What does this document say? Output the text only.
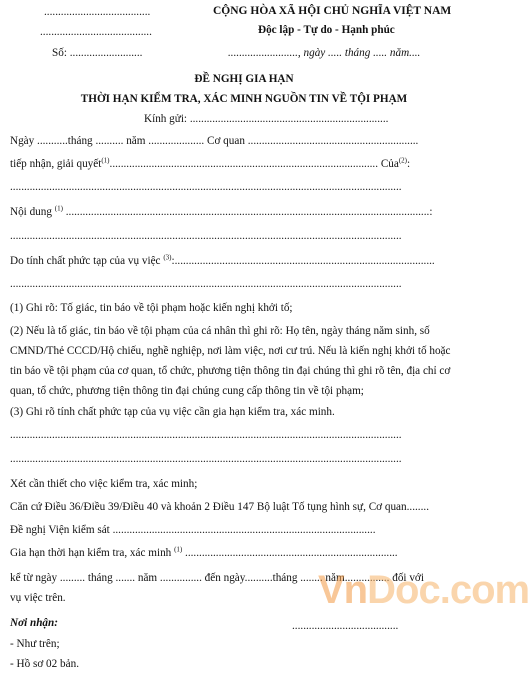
......................................
........................................
Số: ..........................
CỘNG HÒA XÃ HỘI CHỦ NGHĨA VIỆT NAM
Độc lập - Tự do - Hạnh phúc
........................., ngày ..... tháng ..... năm....
ĐỀ NGHỊ GIA HẠN
THỜI HẠN KIỂM TRA, XÁC MINH NGUỒN TIN VỀ TỘI PHẠM
Kính gửi: .......................................................................
Ngày ...........tháng .......... năm .................... Cơ quan .............................................................
tiếp nhận, giải quyết$^{(1)}$................................................................................................ Của$^{(2)}$:
............................................................................................................................................
Nội dung $^{(1)}$ ..................................................................................................................................:
............................................................................................................................................
Do tính chất phức tạp của vụ việc $^{(3)}$:.............................................................................................
............................................................................................................................................
(1) Ghi rõ: Tố giác, tin báo về tội phạm hoặc kiến nghị khởi tố;
(2) Nếu là tố giác, tin báo về tội phạm của cá nhân thì ghi rõ: Họ tên, ngày tháng năm sinh, số
CMND/Thẻ CCCD/Hộ chiếu, nghề nghiệp, nơi làm việc, nơi cư trú. Nếu là kiến nghị khởi tố hoặc
tin báo về tội phạm của cơ quan, tổ chức, phương tiện thông tin đại chúng thì ghi rõ tên, địa chỉ cơ
quan, tổ chức, phương tiện thông tin đại chúng cung cấp thông tin về tội phạm;
(3) Ghi rõ tính chất phức tạp của vụ việc cần gia hạn kiểm tra, xác minh.
............................................................................................................................................
............................................................................................................................................
Xét cần thiết cho việc kiểm tra, xác minh;
Căn cứ Điều 36/Điều 39/Điều 40 và khoản 2 Điều 147 Bộ luật Tố tụng hình sự, Cơ quan........
Đề nghị Viện kiểm sát ..............................................................................................
Gia hạn thời hạn kiểm tra, xác minh $^{(1)}$ ............................................................................
kể từ ngày ......... tháng ....... năm ............... đến ngày..........tháng ........ năm................ đối với
vụ việc trên.
Nơi nhận:
- Như trên;
- Hồ sơ 02 bản.
......................................
VnDoc.com
